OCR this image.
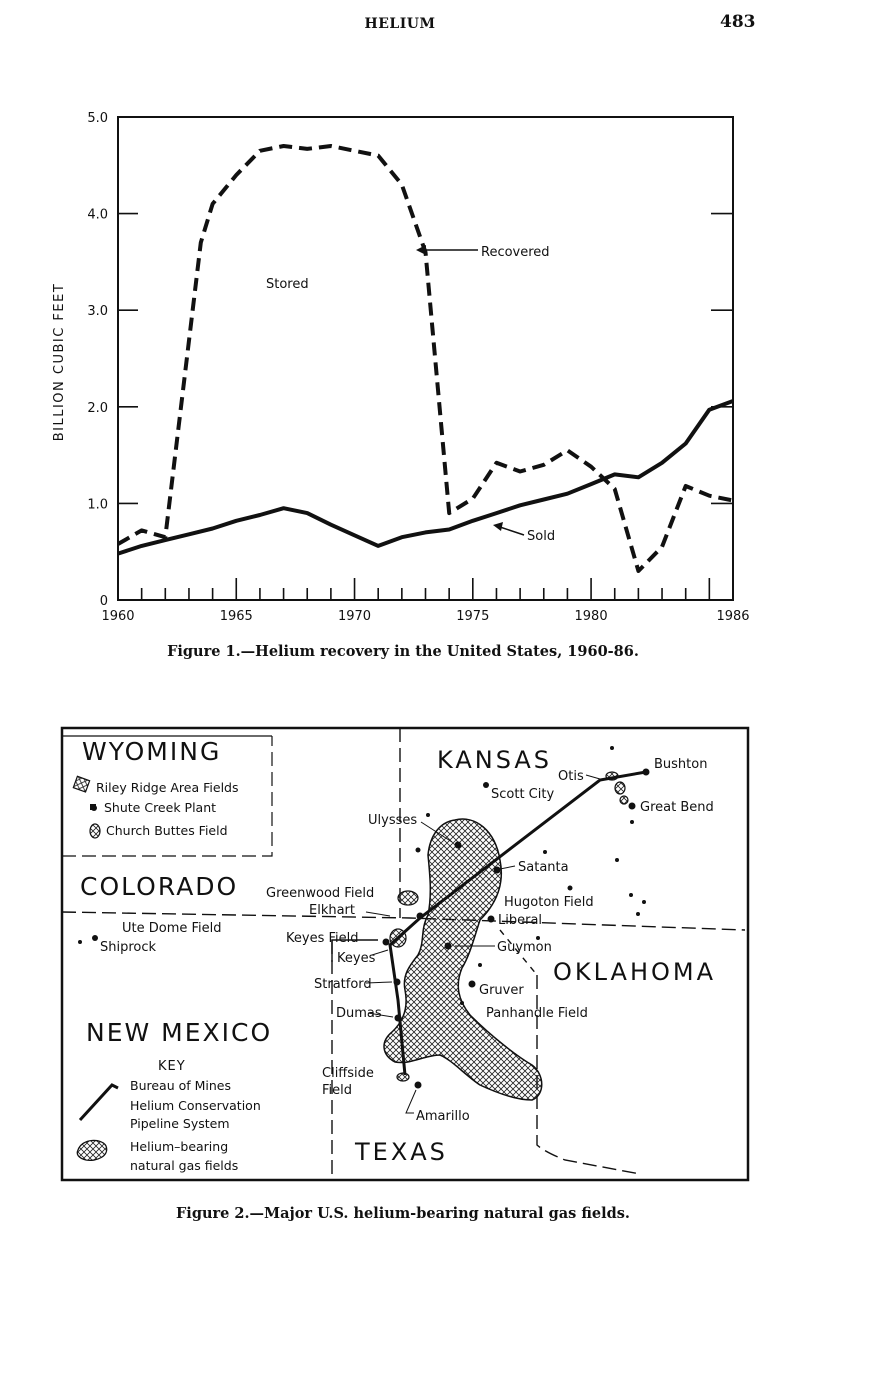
HELIUM	483
1960	1965	1970	1975	1980	1986
0
1.0
2.0
3.0
4.0
5.0
BILLION CUBIC FEET	Stored
Recovered
Sold
Figure 1.—Helium recovery in the United States, 1960-86.
WYOMING	KANSAS
COLORADO
OKLAHOMA
NEW MEXICO
TEXAS
Riley Ridge Area Fields
Shute Creek Plant
Church Buttes Field
Bushton
Otis
Scott City
Great Bend
Ulysses
Satanta
Greenwood Field
Elkhart
Hugoton Field
Liberal
Ute Dome Field
Shiprock
Keyes Field
Keyes
Guymon
Stratford	Gruver
Dumas	Panhandle Field
Cliffside
Field
Amarillo
KEY
Bureau of Mines
Helium Conservation
Pipeline System
Helium–bearing
natural gas fields
Figure 2.—Major U.S. helium-bearing natural gas fields.
